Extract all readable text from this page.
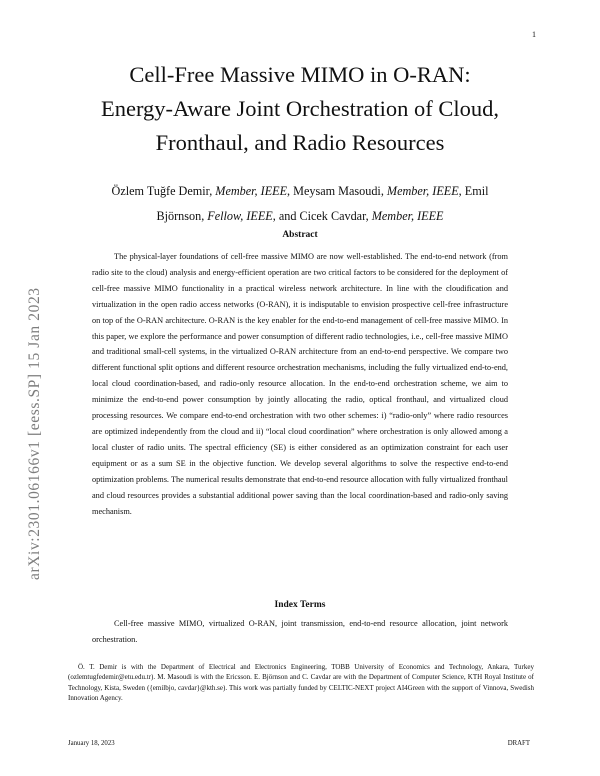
1
arXiv:2301.06166v1 [eess.SP] 15 Jan 2023
Cell-Free Massive MIMO in O-RAN:
Energy-Aware Joint Orchestration of Cloud,
Fronthaul, and Radio Resources
Özlem Tuğfe Demir, Member, IEEE, Meysam Masoudi, Member, IEEE, Emil
Björnson, Fellow, IEEE, and Cicek Cavdar, Member, IEEE
Abstract

The physical-layer foundations of cell-free massive MIMO are now well-established. The end-to-end network (from radio site to the cloud) analysis and energy-efficient operation are two critical factors to be considered for the deployment of cell-free massive MIMO functionality in a practical wireless network architecture. In line with the cloudification and virtualization in the open radio access networks (O-RAN), it is indisputable to envision prospective cell-free infrastructure on top of the O-RAN architecture. O-RAN is the key enabler for the end-to-end management of cell-free massive MIMO. In this paper, we explore the performance and power consumption of different radio technologies, i.e., cell-free massive MIMO and traditional small-cell systems, in the virtualized O-RAN architecture from an end-to-end perspective. We compare two different functional split options and different resource orchestration mechanisms, including the fully virtualized end-to-end, local cloud coordination-based, and radio-only resource allocation. In the end-to-end orchestration scheme, we aim to minimize the end-to-end power consumption by jointly allocating the radio, optical fronthaul, and virtualized cloud processing resources. We compare end-to-end orchestration with two other schemes: i) “radio-only” where radio resources are optimized independently from the cloud and ii) “local cloud coordination” where orchestration is only allowed among a local cluster of radio units. The spectral efficiency (SE) is either considered as an optimization constraint for each user equipment or as a sum SE in the objective function. We develop several algorithms to solve the respective end-to-end optimization problems. The numerical results demonstrate that end-to-end resource allocation with fully virtualized fronthaul and cloud resources provides a substantial additional power saving than the local coordination-based and radio-only saving mechanism.

Index Terms

Cell-free massive MIMO, virtualized O-RAN, joint transmission, end-to-end resource allocation, joint network orchestration.

Ö. T. Demir is with the Department of Electrical and Electronics Engineering, TOBB University of Economics and Technology, Ankara, Turkey (ozlemtugfedemir@etu.edu.tr). M. Masoudi is with the Ericsson. E. Björnson and C. Cavdar are with the Department of Computer Science, KTH Royal Institute of Technology, Kista, Sweden ({emilbjo, cavdar}@kth.se). This work was partially funded by CELTIC-NEXT project AI4Green with the support of Vinnova, Swedish Innovation Agency.

January 18, 2023	DRAFT
